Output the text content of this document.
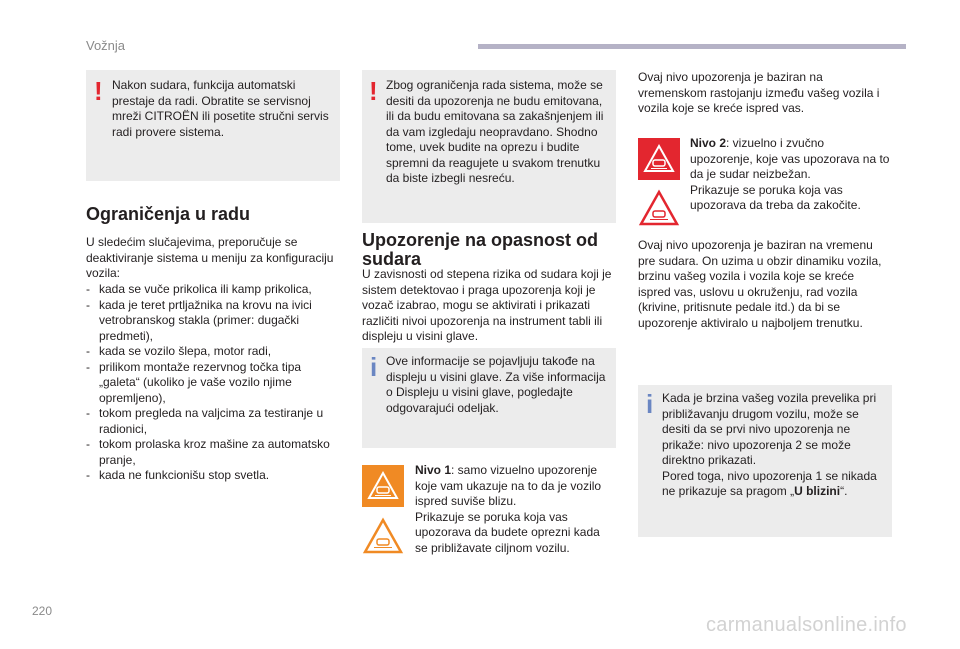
Vožnja
! Nakon sudara, funkcija automatski prestaje da radi. Obratite se servisnoj mreži CITROËN ili posetite stručni servis radi provere sistema.
Ograničenja u radu
U sledećim slučajevima, preporučuje se deaktiviranje sistema u meniju za konfiguraciju vozila:
- kada se vuče prikolica ili kamp prikolica,
- kada je teret prtljažnika na krovu na ivici vetrobranskog stakla (primer: dugački predmeti),
- kada se vozilo šlepa, motor radi,
- prilikom montaže rezervnog točka tipa „galeta“ (ukoliko je vaše vozilo njime opremljeno),
- tokom pregleda na valjcima za testiranje u radionici,
- tokom prolaska kroz mašine za automatsko pranje,
- kada ne funkcionišu stop svetla.
! Zbog ograničenja rada sistema, može se desiti da upozorenja ne budu emitovana, ili da budu emitovana sa zakašnjenjem ili da vam izgledaju neopravdano. Shodno tome, uvek budite na oprezu i budite spremni da reagujete u svakom trenutku da biste izbegli nesreću.
Upozorenje na opasnost od sudara
U zavisnosti od stepena rizika od sudara koji je sistem detektovao i praga upozorenja koji je vozač izabrao, mogu se aktivirati i prikazati različiti nivoi upozorenja na instrument tabli ili displeju u visini glave.
i Ove informacije se pojavljuju takođe na displeju u visini glave. Za više informacija o Displeju u visini glave, pogledajte odgovarajući odeljak.
Nivo 1: samo vizuelno upozorenje koje vam ukazuje na to da je vozilo ispred suviše blizu.
Prikazuje se poruka koja vas upozorava da budete oprezni kada se približavate ciljnom vozilu.
Ovaj nivo upozorenja je baziran na vremenskom rastojanju između vašeg vozila i vozila koje se kreće ispred vas.
Nivo 2: vizuelno i zvučno upozorenje, koje vas upozorava na to da je sudar neizbežan.
Prikazuje se poruka koja vas upozorava da treba da zakočite.
Ovaj nivo upozorenja je baziran na vremenu pre sudara. On uzima u obzir dinamiku vozila, brzinu vašeg vozila i vozila koje se kreće ispred vas, uslovu u okruženju, rad vozila (krivine, pritisnute pedale itd.) da bi se upozorenje aktiviralo u najboljem trenutku.
i Kada je brzina vašeg vozila prevelika pri približavanju drugom vozilu, može se desiti da se prvi nivo upozorenja ne prikaže: nivo upozorenja 2 se može direktno prikazati.
Pored toga, nivo upozorenja 1 se nikada ne prikazuje sa pragom „U blizini“.
220
carmanualsonline.info
